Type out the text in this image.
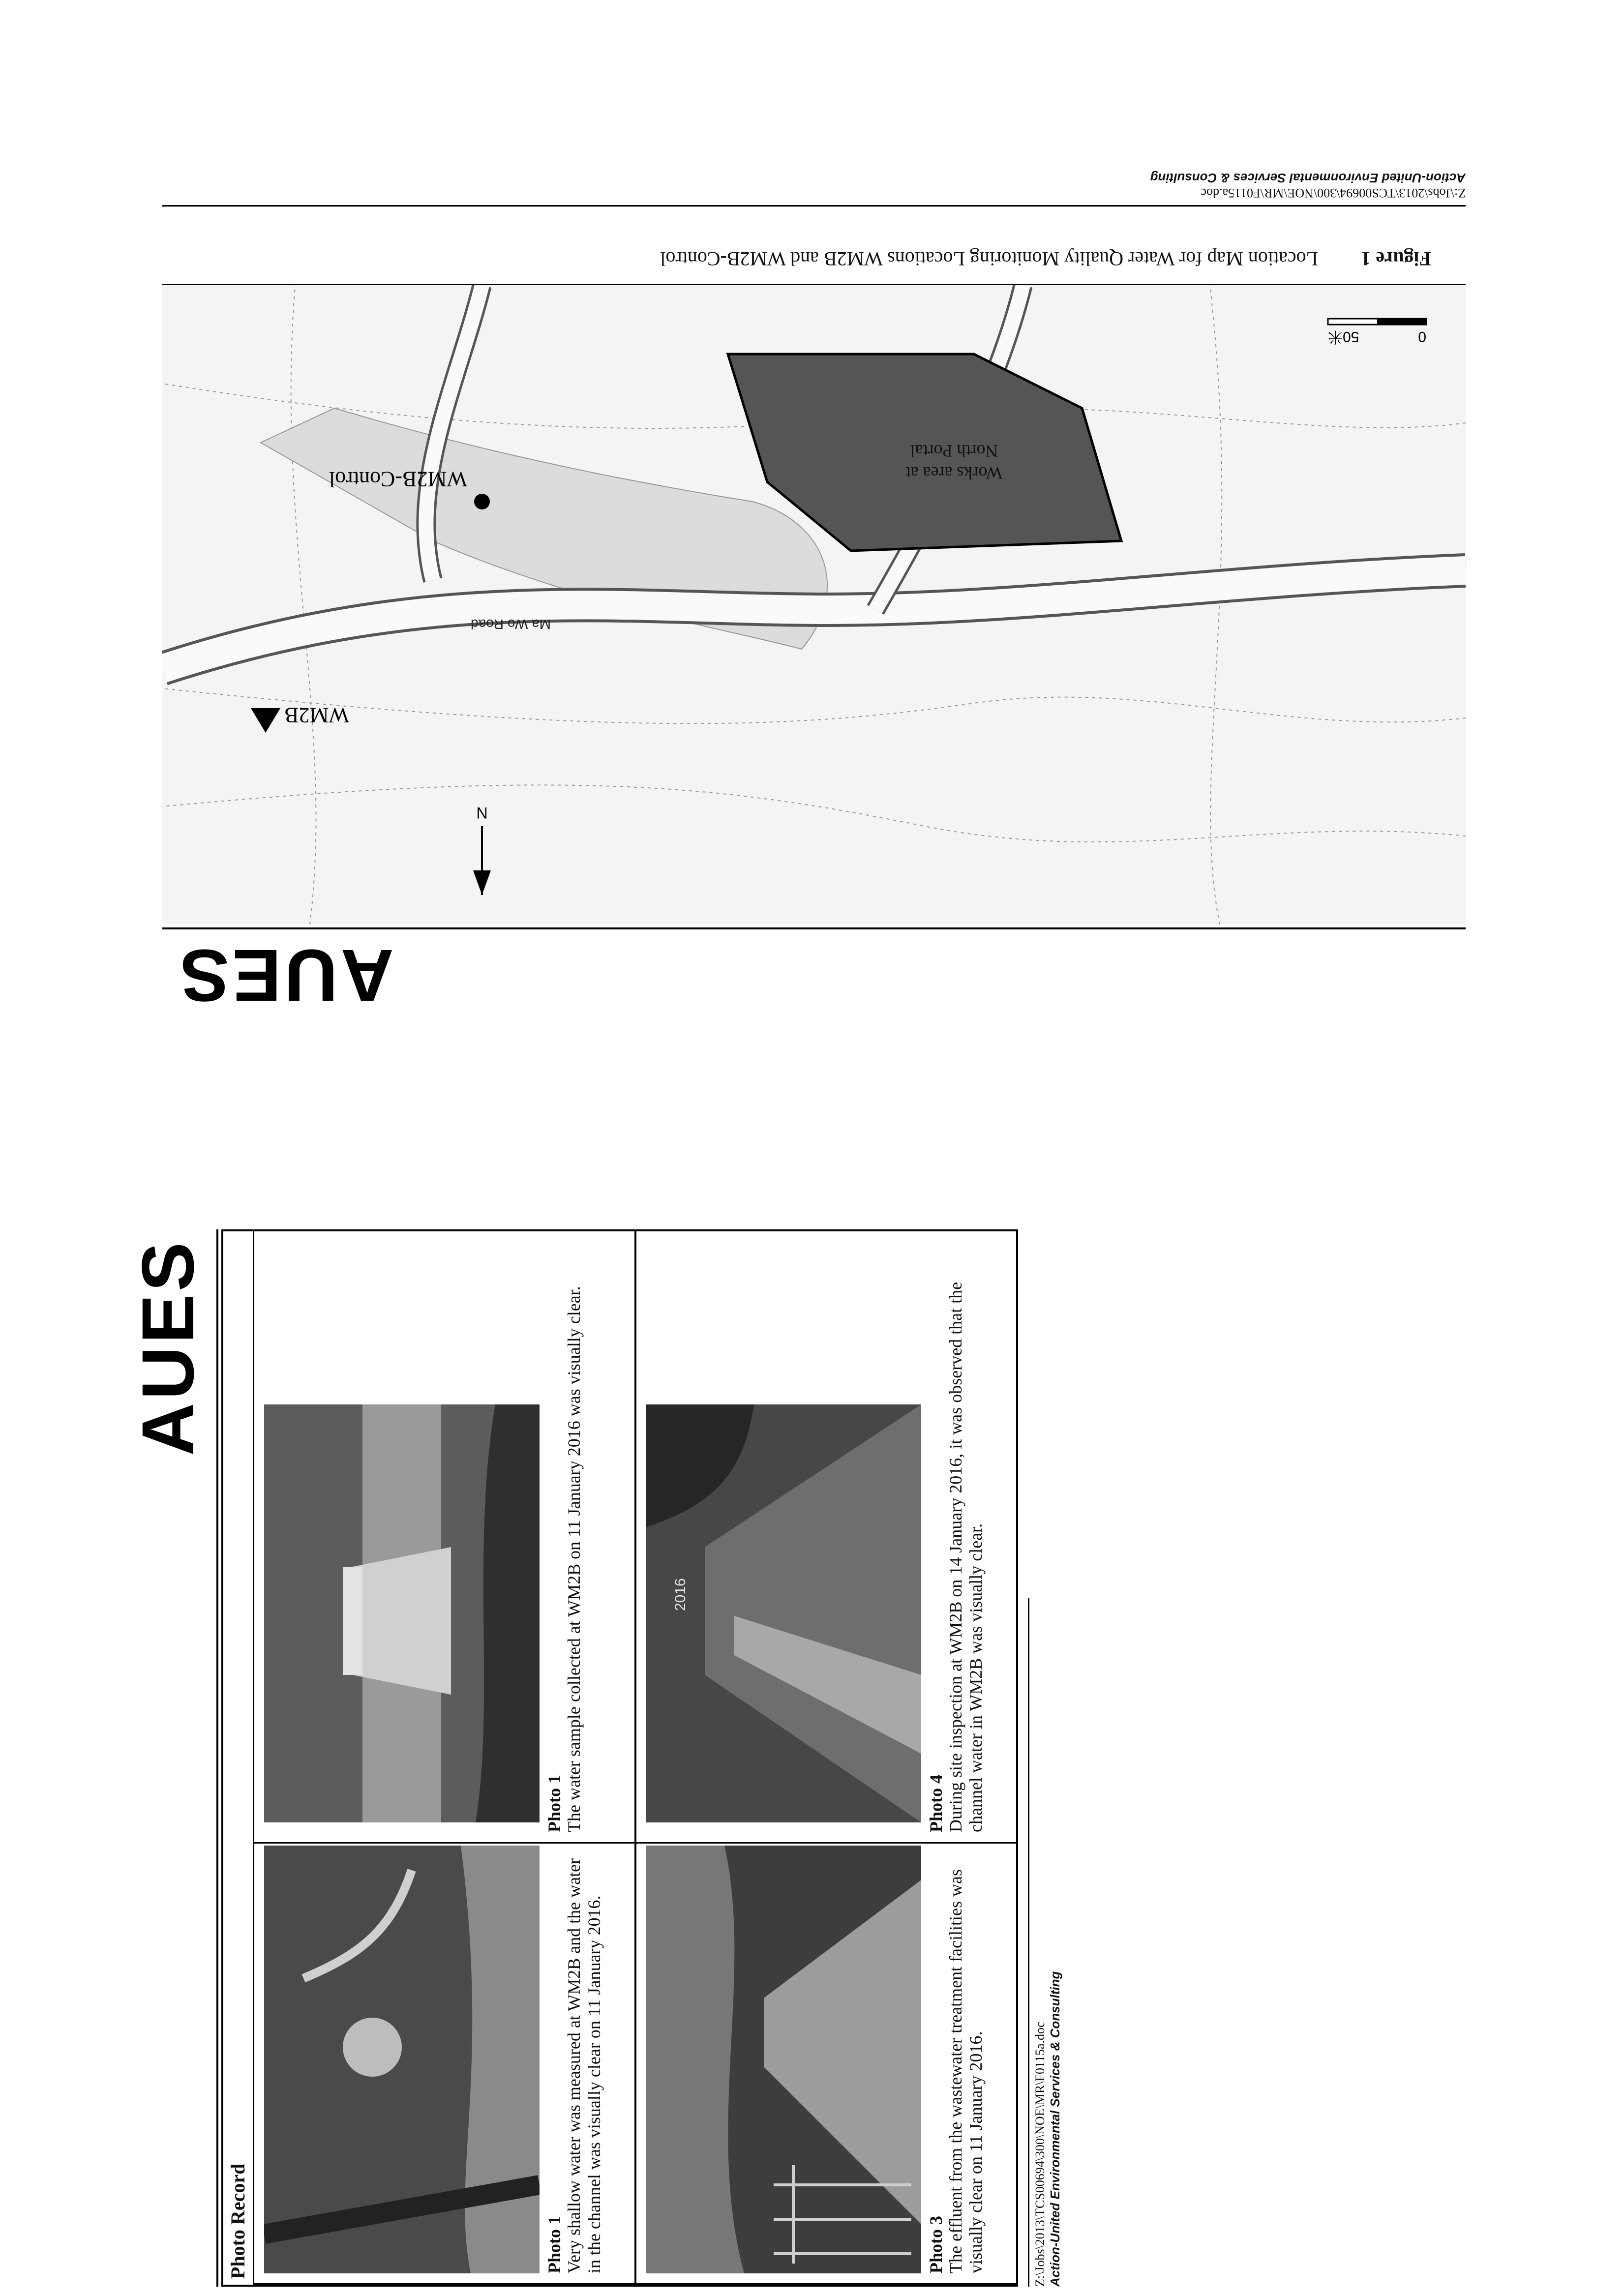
AUES
Works area at
North Portal
Ma Wo Road
WM2B-Control
WM2B
N
0
50米
Figure 1Location Map for Water Quality Monitoring Locations WM2B and WM2B-Control
Z:\Jobs\2013\TCS00694\300\NOE\MR\F0115a.doc
Action-United Environmental Services & Consulting
AUES
Photo Record	Photo 1 Very shallow water was measured at WM2B and the water in the channel was visually clear on 11 January 2016.
Photo 1 The water sample collected at WM2B on 11 January 2016 was visually clear.
Photo 3 The effluent from the wastewater treatment facilities was visually clear on 11 January 2016.
2016
Photo 4 During site inspection at WM2B on 14 January 2016, it was observed that the channel water in WM2B was visually clear.
Z:\Jobs\2013\TCS00694\300\NOE\MR\F0115a.doc Action-United Environmental Services & Consulting
